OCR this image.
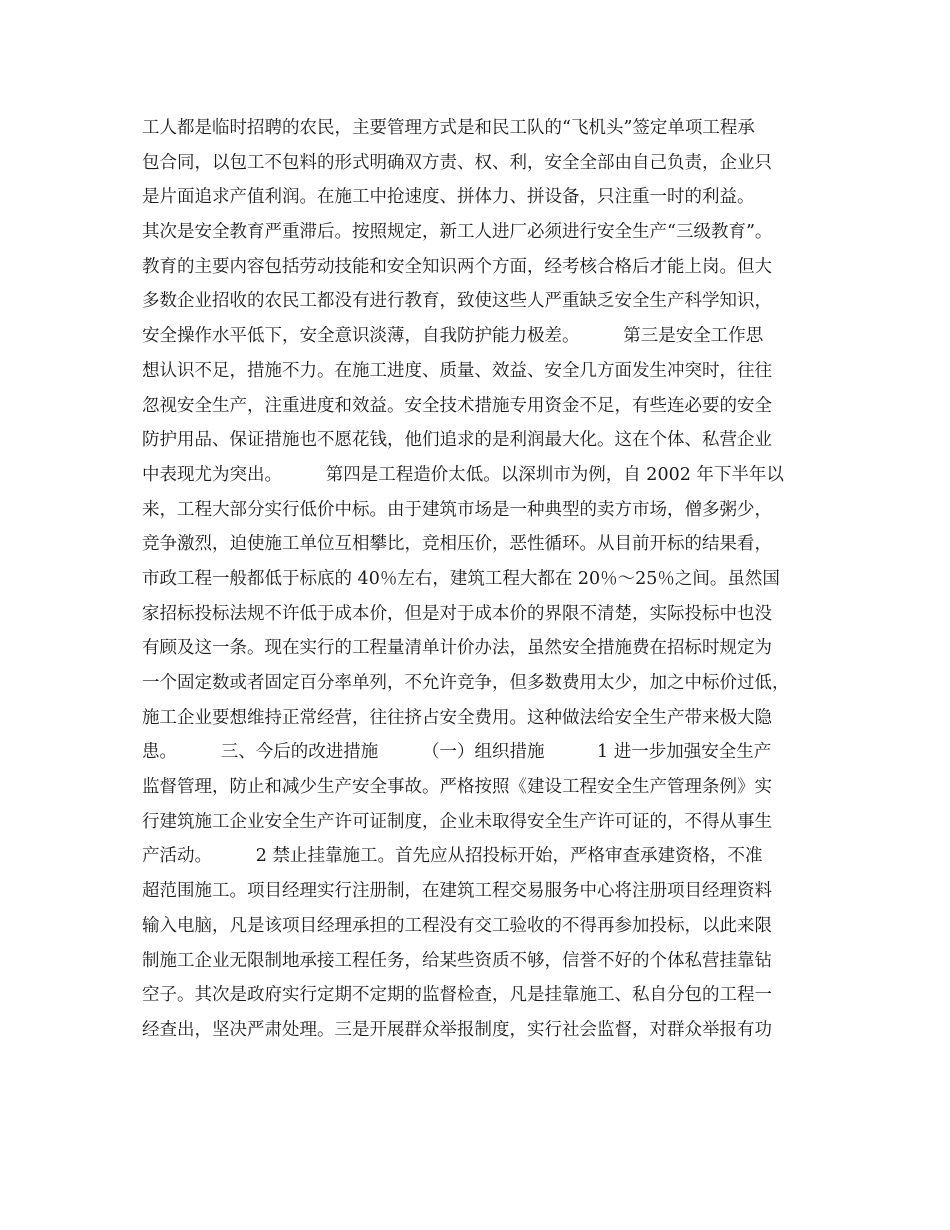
工人都是临时招聘的农民，主要管理方式是和民工队的“飞机头”签定单项工程承
包合同，以包工不包料的形式明确双方责、权、利，安全全部由自己负责，企业只
是片面追求产值利润。在施工中抢速度、拼体力、拼设备，只注重一时的利益。
其次是安全教育严重滞后。按照规定，新工人进厂必须进行安全生产“三级教育”。
教育的主要内容包括劳动技能和安全知识两个方面，经考核合格后才能上岗。但大
多数企业招收的农民工都没有进行教育，致使这些人严重缺乏安全生产科学知识，
安全操作水平低下，安全意识淡薄，自我防护能力极差。　　　第三是安全工作思
想认识不足，措施不力。在施工进度、质量、效益、安全几方面发生冲突时，往往
忽视安全生产，注重进度和效益。安全技术措施专用资金不足，有些连必要的安全
防护用品、保证措施也不愿花钱，他们追求的是利润最大化。这在个体、私营企业
中表现尤为突出。　　　第四是工程造价太低。以深圳市为例，自 2002 年下半年以
来，工程大部分实行低价中标。由于建筑市场是一种典型的卖方市场，僧多粥少，
竞争激烈，迫使施工单位互相攀比，竞相压价，恶性循环。从目前开标的结果看，
市政工程一般都低于标底的 40％左右，建筑工程大都在 20％～25％之间。虽然国
家招标投标法规不许低于成本价，但是对于成本价的界限不清楚，实际投标中也没
有顾及这一条。现在实行的工程量清单计价办法，虽然安全措施费在招标时规定为
一个固定数或者固定百分率单列，不允许竞争，但多数费用太少，加之中标价过低，
施工企业要想维持正常经营，往往挤占安全费用。这种做法给安全生产带来极大隐
患。　　　三、今后的改进措施　　　（一）组织措施　　　1 进一步加强安全生产
监督管理，防止和减少生产安全事故。严格按照《建设工程安全生产管理条例》实
行建筑施工企业安全生产许可证制度，企业未取得安全生产许可证的，不得从事生
产活动。　　　2 禁止挂靠施工。首先应从招投标开始，严格审查承建资格，不准
超范围施工。项目经理实行注册制，在建筑工程交易服务中心将注册项目经理资料
输入电脑，凡是该项目经理承担的工程没有交工验收的不得再参加投标，以此来限
制施工企业无限制地承接工程任务，给某些资质不够，信誉不好的个体私营挂靠钻
空子。其次是政府实行定期不定期的监督检查，凡是挂靠施工、私自分包的工程一
经查出，坚决严肃处理。三是开展群众举报制度，实行社会监督，对群众举报有功
